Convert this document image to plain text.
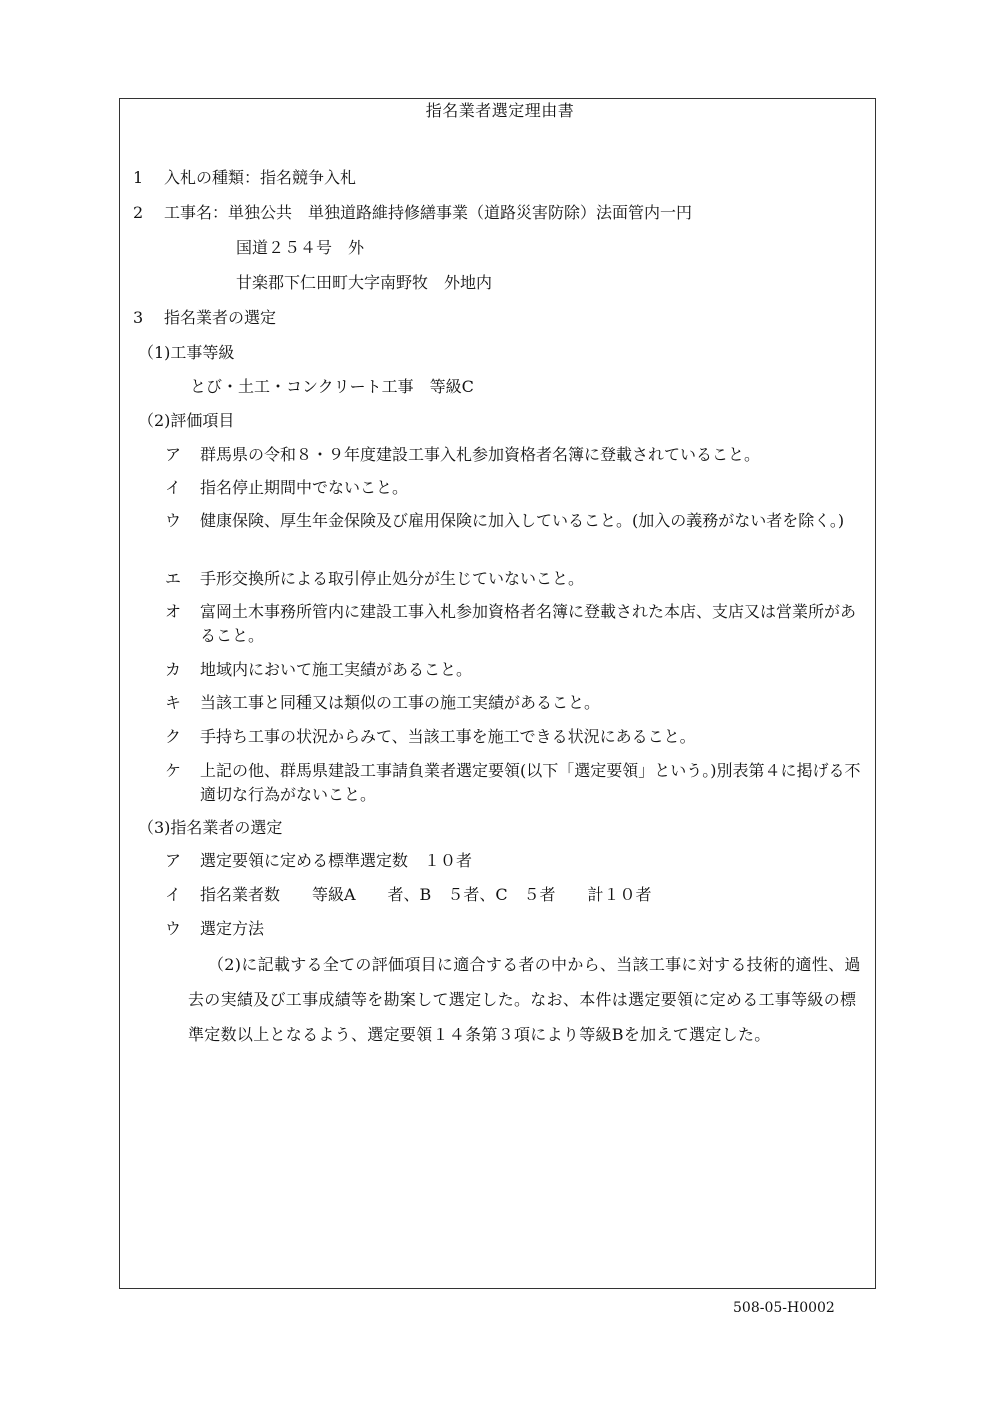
指名業者選定理由書
1 入札の種類：指名競争入札
2 工事名：単独公共　単独道路維持修繕事業（道路災害防除）法面管内一円
国道２５４号　外
甘楽郡下仁田町大字南野牧　外地内
3 指名業者の選定
（1)工事等級
とび・土工・コンクリート工事　等級C
（2)評価項目
ア 群馬県の令和８・９年度建設工事入札参加資格者名簿に登載されていること。
イ 指名停止期間中でないこと。
ウ 健康保険、厚生年金保険及び雇用保険に加入していること。(加入の義務がない者を除く。)
エ 手形交換所による取引停止処分が生じていないこと。
オ 富岡土木事務所管内に建設工事入札参加資格者名簿に登載された本店、支店又は営業所があること。
カ 地域内において施工実績があること。
キ 当該工事と同種又は類似の工事の施工実績があること。
ク 手持ち工事の状況からみて、当該工事を施工できる状況にあること。
ケ 上記の他、群馬県建設工事請負業者選定要領(以下「選定要領」という。)別表第４に掲げる不適切な行為がないこと。
（3)指名業者の選定
ア 選定要領に定める標準選定数　１０者
イ 指名業者数　　等級A　　者、B　５者、C　５者　　計１０者
ウ 選定方法
（2)に記載する全ての評価項目に適合する者の中から、当該工事に対する技術的適性、過去の実績及び工事成績等を勘案して選定した。なお、本件は選定要領に定める工事等級の標準定数以上となるよう、選定要領１４条第３項により等級Bを加えて選定した。
508-05-H0002
